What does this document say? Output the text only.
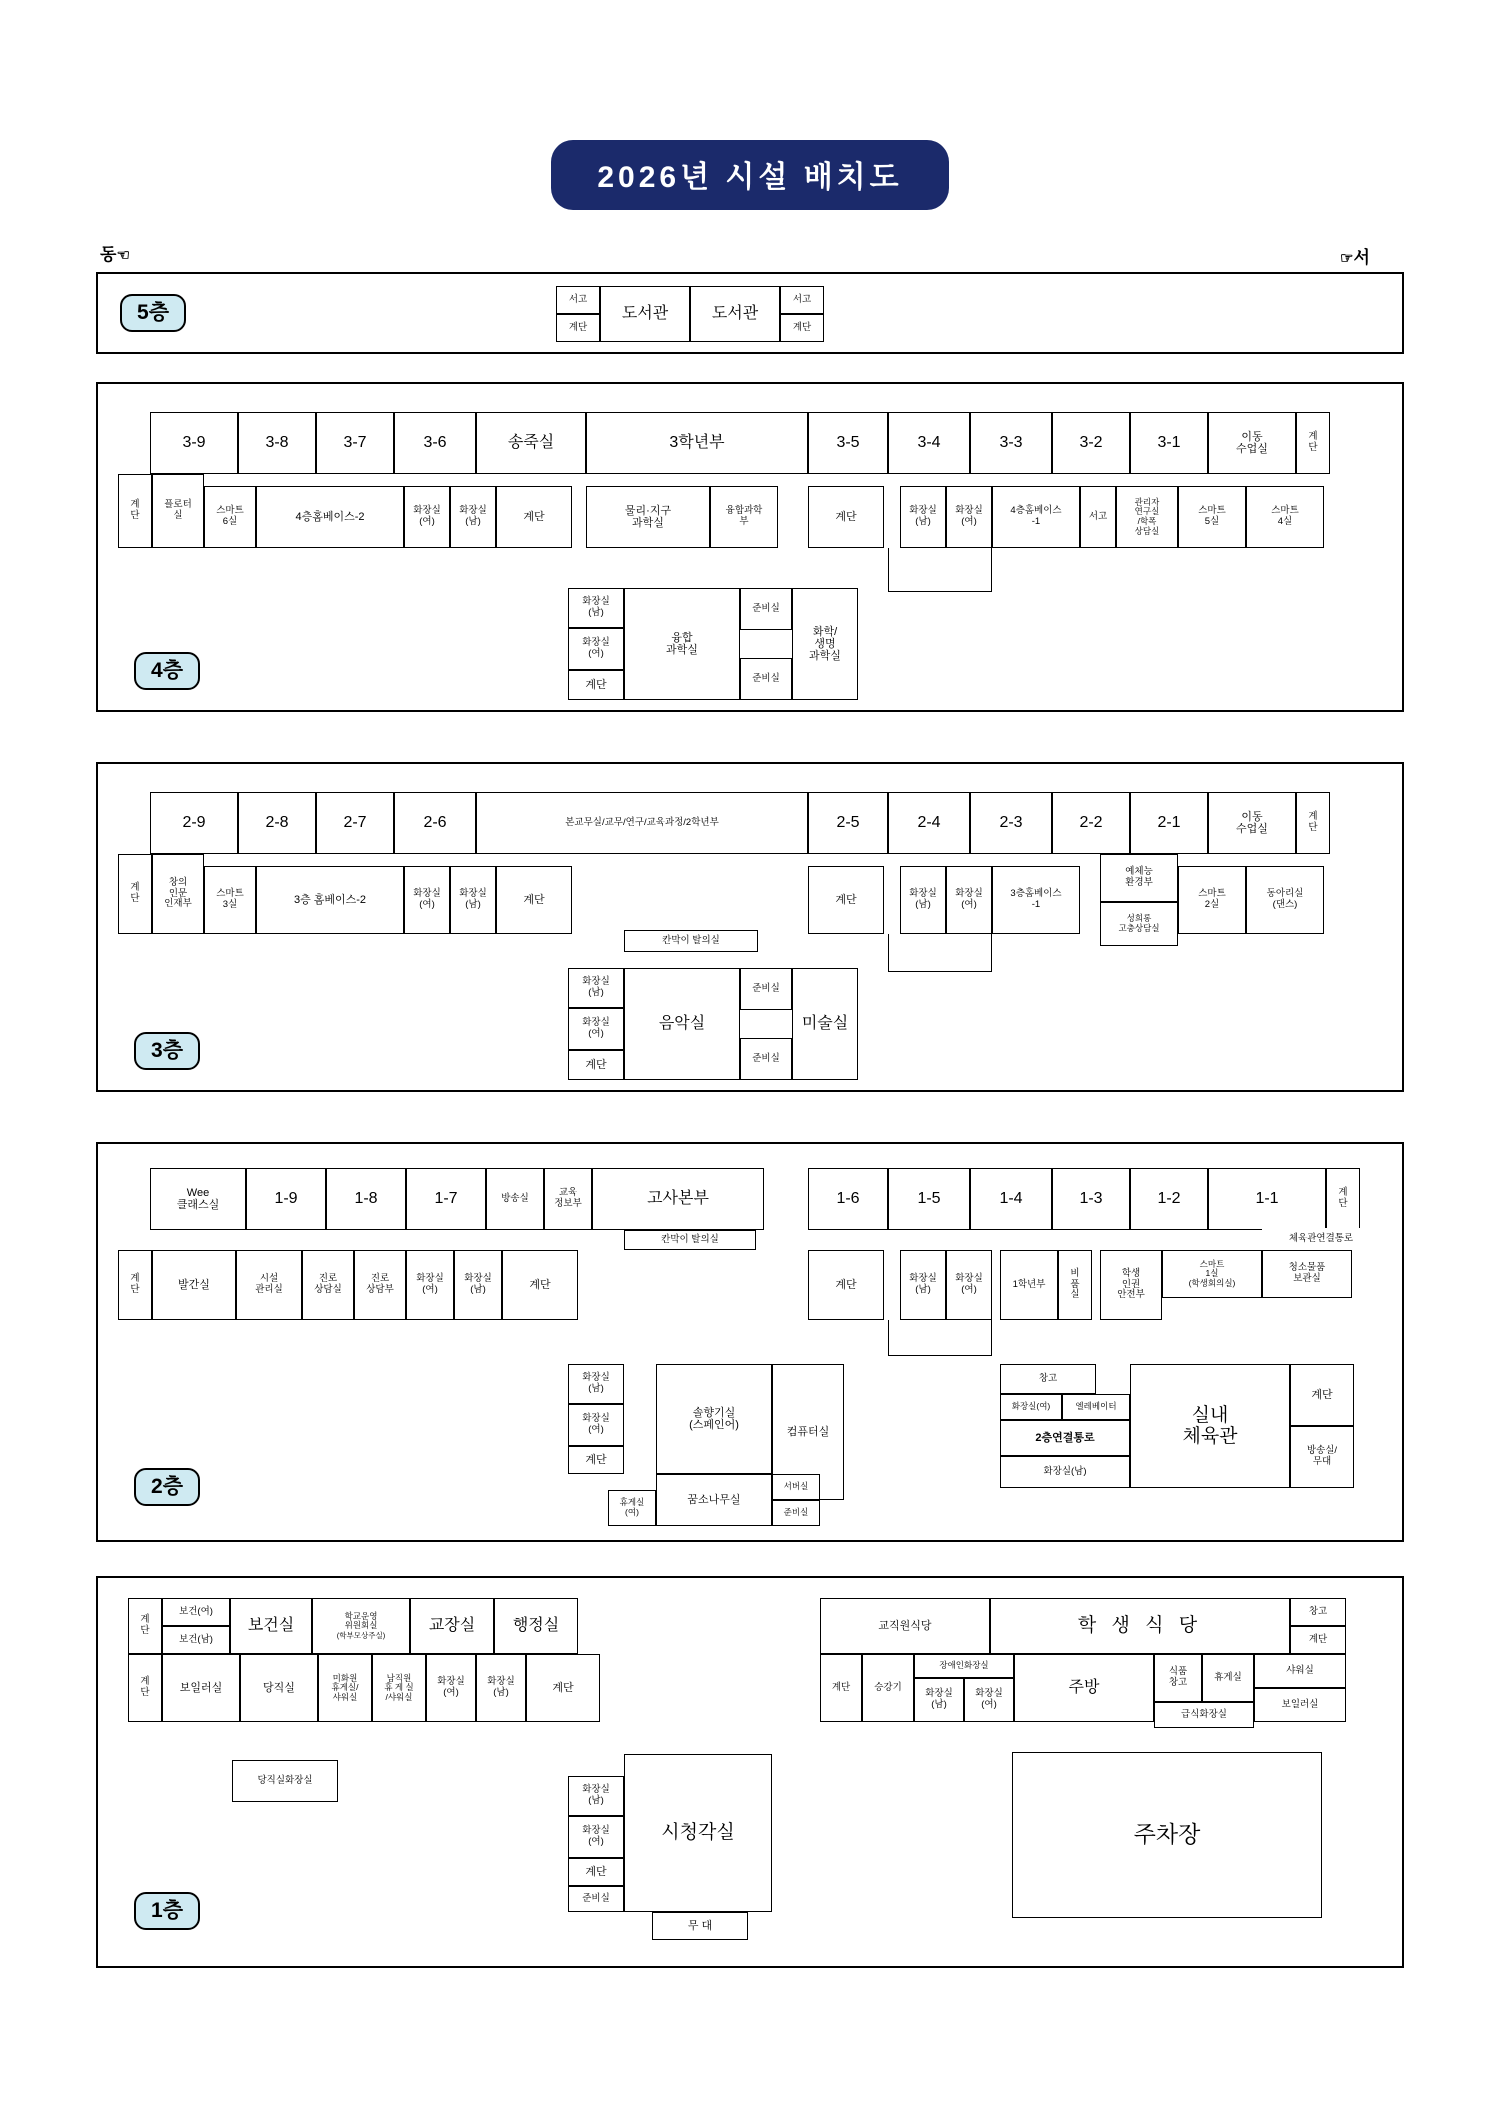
2026년 시설 배치도
동☜	☞서
5층
서고
계단
도서관	도서관
서고
계단
4층
3-9	3-8	3-7	3-6	송죽실	3학년부	3-5	3-4	3-3	3-2	3-1	이동
수업실
계
단
계
단
플로터
실	스마트
6실	4층홈베이스-2	화장실
(여)
화장실
(남)	계단
물리·지구
과학실
융합과학
부	계단	화장실
(남)
화장실
(여)
4층홈베이스
-1	서고
관리자
연구실
/학폭
상담실
스마트
5실
스마트
4실
화장실
(남)
화장실
(여)
계단
융합
과학실
준비실
준비실
화학/
생명
과학실
3층
2-9	2-8	2-7	2-6	본교무실/교무/연구/교육과정/2학년부	2-5	2-4	2-3	2-2	2-1	이동
수업실
계
단
계
단
창의
인문
인재부
스마트
3실	3층 홈베이스-2	화장실
(여)
화장실
(남)	계단	계단	화장실
(남)
화장실
(여)
3층홈베이스
-1
예체능
환경부
성희롱
고충상담실
스마트
2실
동아리실
(댄스)
칸막이 탈의실
화장실
(남)
화장실
(여)
계단
음악실
준비실
준비실
미술실
2층
Wee
클래스실	1-9	1-8	1-7	방송실	교육
정보부	고사본부	1-6	1-5	1-4	1-3	1-2	1-1	계
단
칸막이 탈의실
계
단	발간실	시설
관리실
진로
상담실
진로
상담부
화장실
(여)
화장실
(남)	계단	계단	화장실
(남)
화장실
(여)	1학년부
비
품
실
학생
인권
안전부
스마트
1실
(학생회의실)
체육관연결통로
청소물품
보관실
화장실
(남)
화장실
(여)
계단
휴게실
(여)
솔향기실
(스페인어)
컴퓨터실
꿈소나무실
서버실
준비실
창고
화장실(여)	엘레베이터
2층연결통로
화장실(남)
실내
체육관
계단
방송실/
무대
1층
계
단
보건(여)
보건(남)
보건실
학교운영
위원회실
(학부모상주실)
교장실	행정실	교직원식당	학 생 식 당
창고
계단
계
단	보일러실	당직실
미화원
휴게실/
샤워실
남직원
휴 게 실
/샤워실
화장실
(여)
화장실
(남)	계단
당직실화장실
계단	승강기
장애인화장실
화장실
(남)
화장실
(여)
주방
식품
창고	휴게실
샤워실
보일러실
급식화장실
화장실
(남)
화장실
(여)
계단
준비실
시청각실
무 대
주차장
